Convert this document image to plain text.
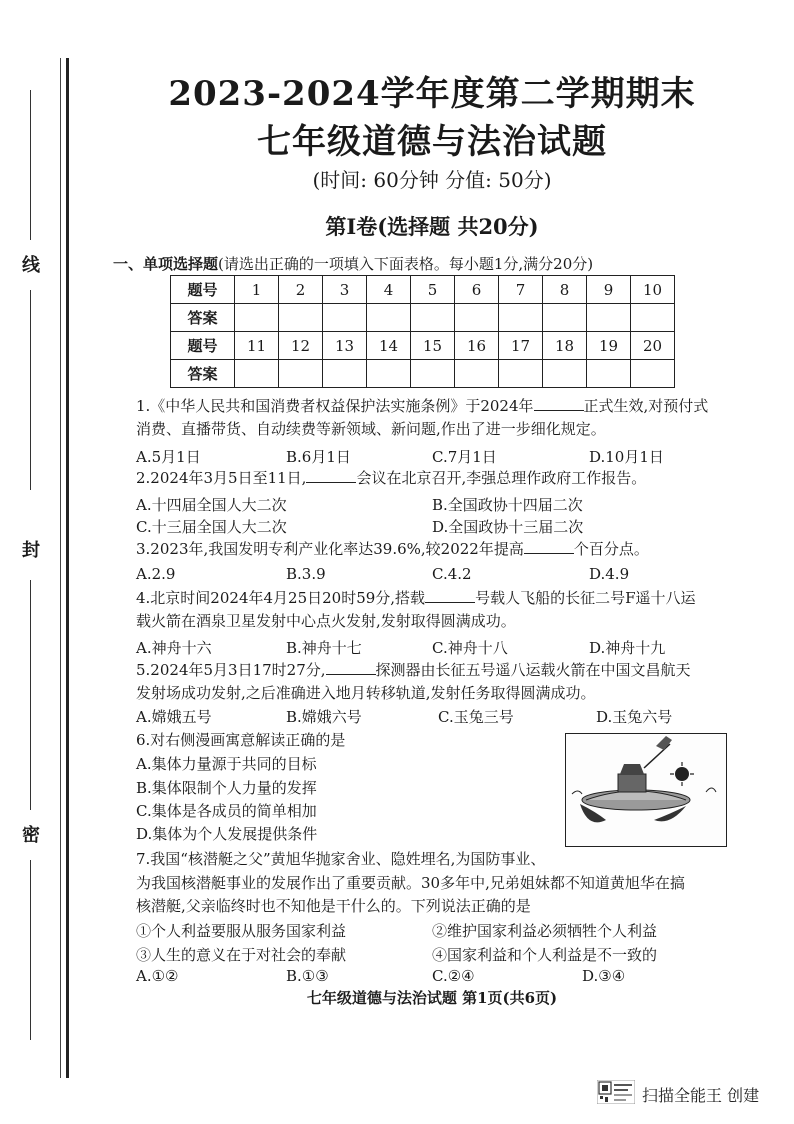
线
封
密
2023-2024学年度第二学期期末
七年级道德与法治试题
(时间: 60分钟 分值: 50分)
第Ⅰ卷(选择题 共20分)
一、单项选择题(请选出正确的一项填入下面表格。每小题1分,满分20分)
题号	1	2	3	4	5	6	7	8	9	10
答案										
题号	11	12	13	14	15	16	17	18	19	20
答案										
1.《中华人民共和国消费者权益保护法实施条例》于2024年	正式生效,对预付式
消费、直播带货、自动续费等新领域、新问题,作出了进一步细化规定。
A.5月1日	B.6月1日	C.7月1日	D.10月1日
2.2024年3月5日至11日,	会议在北京召开,李强总理作政府工作报告。
A.十四届全国人大二次	B.全国政协十四届二次
C.十三届全国人大二次	D.全国政协十三届二次
3.2023年,我国发明专利产业化率达39.6%,较2022年提高	个百分点。
A.2.9	B.3.9	C.4.2	D.4.9
4.北京时间2024年4月25日20时59分,搭载	号载人飞船的长征二号F遥十八运
载火箭在酒泉卫星发射中心点火发射,发射取得圆满成功。
A.神舟十六	B.神舟十七	C.神舟十八	D.神舟十九
5.2024年5月3日17时27分,	探测器由长征五号遥八运载火箭在中国文昌航天
发射场成功发射,之后准确进入地月转移轨道,发射任务取得圆满成功。
A.嫦娥五号	B.嫦娥六号	C.玉兔三号	D.玉兔六号
6.对右侧漫画寓意解读正确的是
A.集体力量源于共同的目标
B.集体限制个人力量的发挥
C.集体是各成员的简单相加
D.集体为个人发展提供条件
7.我国“核潜艇之父”黄旭华抛家舍业、隐姓埋名,为国防事业、
为我国核潜艇事业的发展作出了重要贡献。30多年中,兄弟姐妹都不知道黄旭华在搞
核潜艇,父亲临终时也不知他是干什么的。下列说法正确的是
①个人利益要服从服务国家利益	②维护国家利益必须牺牲个人利益
③人生的意义在于对社会的奉献	④国家利益和个人利益是不一致的
A.①②	B.①③	C.②④	D.③④
七年级道德与法治试题 第1页(共6页)
扫描全能王 创建
